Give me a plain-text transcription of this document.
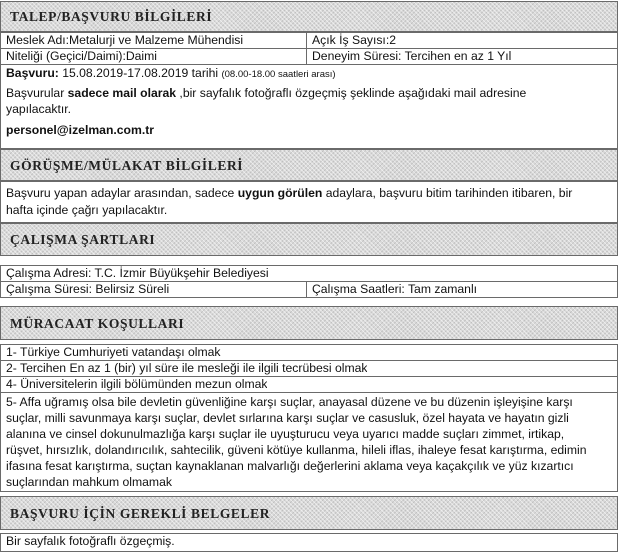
TALEP/BAŞVURU BİLGİLERİ
Meslek Adı:Metalurji ve Malzeme Mühendisi	Açık İş Sayısı:2
Niteliği (Geçici/Daimi):Daimi	Deneyim Süresi: Tercihen en az 1 Yıl
Başvuru: 15.08.2019-17.08.2019 tarihi (08.00-18.00 saatleri arası)
Başvurular sadece mail olarak ,bir sayfalık fotoğraflı özgeçmiş şeklinde aşağıdaki mail adresine
yapılacaktır.
personel@izelman.com.tr
GÖRÜŞME/MÜLAKAT BİLGİLERİ
Başvuru yapan adaylar arasından, sadece uygun görülen adaylara, başvuru bitim tarihinden itibaren, bir
hafta içinde çağrı yapılacaktır.
ÇALIŞMA ŞARTLARI
Çalışma Adresi: T.C. İzmir Büyükşehir Belediyesi
Çalışma Süresi: Belirsiz Süreli	Çalışma Saatleri: Tam zamanlı
MÜRACAAT KOŞULLARI
1- Türkiye Cumhuriyeti vatandaşı olmak
2- Tercihen En az 1 (bir) yıl süre ile mesleği ile ilgili tecrübesi olmak
4- Üniversitelerin ilgili bölümünden mezun olmak
5- Affa uğramış olsa bile devletin güvenliğine karşı suçlar, anayasal düzene ve bu düzenin işleyişine karşı
suçlar, milli savunmaya karşı suçlar, devlet sırlarına karşı suçlar ve casusluk, özel hayata ve hayatın gizli
alanına ve cinsel dokunulmazlığa karşı suçlar ile uyuşturucu veya uyarıcı madde suçları zimmet, irtikap,
rüşvet, hırsızlık, dolandırıcılık, sahtecilik, güveni kötüye kullanma, hileli iflas, ihaleye fesat karıştırma, edimin
ifasına fesat karıştırma, suçtan kaynaklanan malvarlığı değerlerini aklama veya kaçakçılık ve yüz kızartıcı
suçlarından mahkum olmamak
BAŞVURU İÇİN GEREKLİ BELGELER
Bir sayfalık fotoğraflı özgeçmiş.
